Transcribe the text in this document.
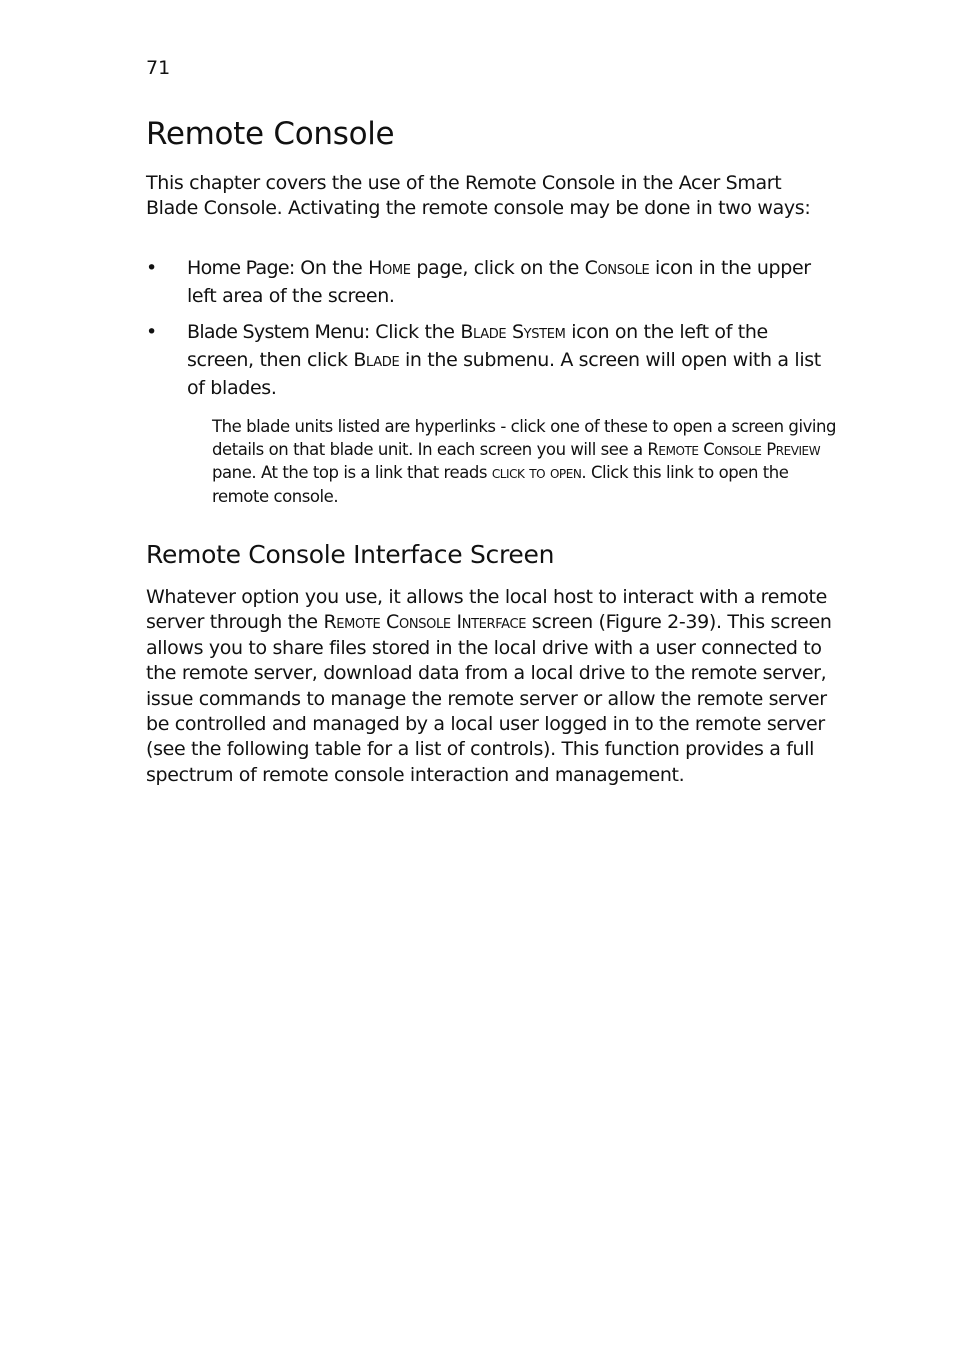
71
Remote Console

This chapter covers the use of the Remote Console in the Acer Smart Blade Console. Activating the remote console may be done in two ways:

• Home Page: On the Home page, click on the Console icon in the upper left area of the screen.
• Blade System Menu: Click the Blade System icon on the left of the screen, then click Blade in the submenu. A screen will open with a list of blades.

The blade units listed are hyperlinks - click one of these to open a screen giving details on that blade unit. In each screen you will see a Remote Console Preview pane. At the top is a link that reads click to open. Click this link to open the remote console.

Remote Console Interface Screen

Whatever option you use, it allows the local host to interact with a remote server through the Remote Console Interface screen (Figure 2-39). This screen allows you to share files stored in the local drive with a user connected to the remote server, download data from a local drive to the remote server, issue commands to manage the remote server or allow the remote server be controlled and managed by a local user logged in to the remote server (see the following table for a list of controls). This function provides a full spectrum of remote console interaction and management.
